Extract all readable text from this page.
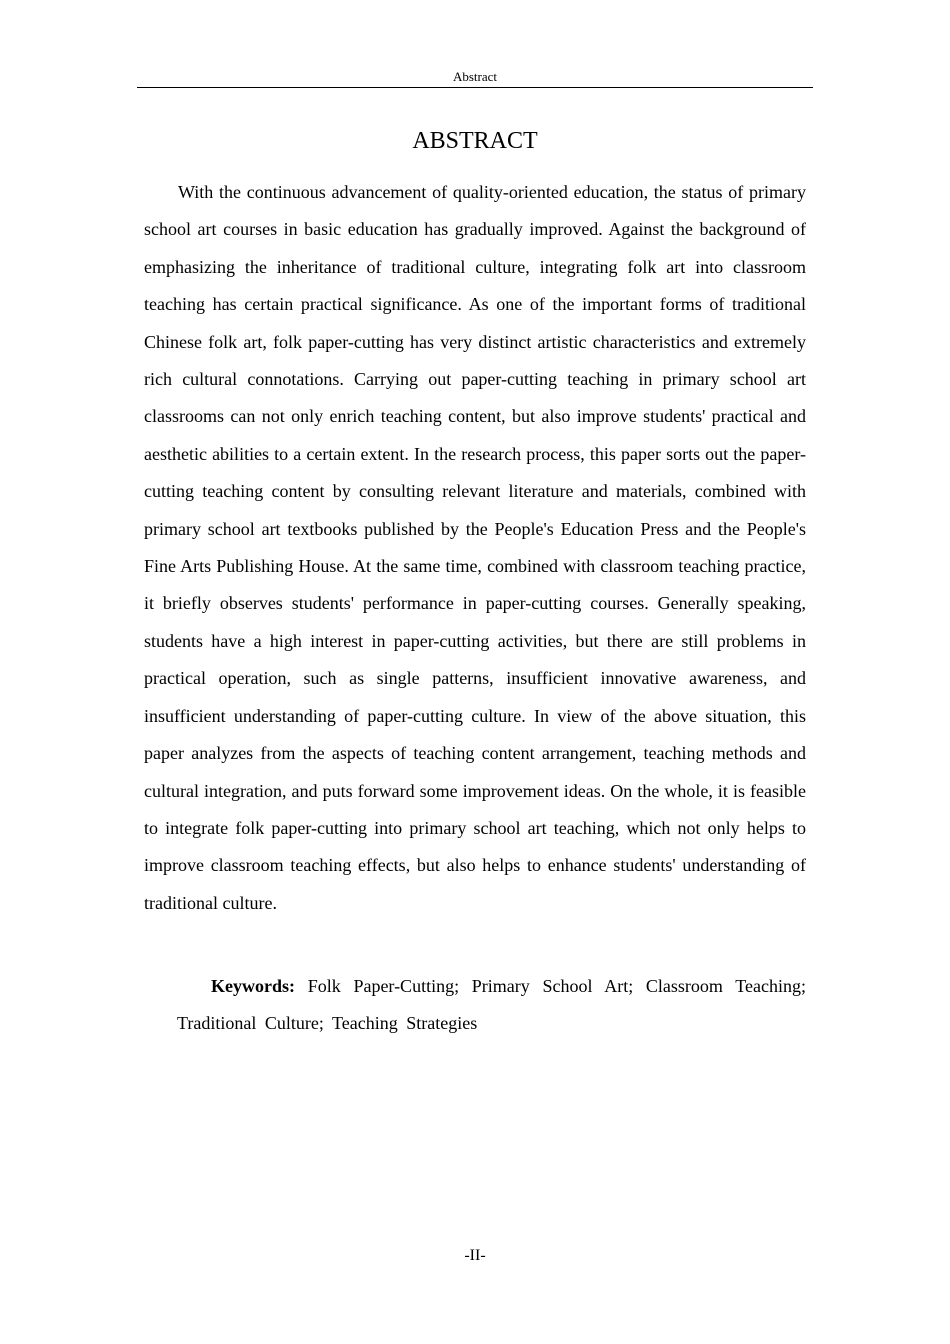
Abstract
ABSTRACT

With the continuous advancement of quality-oriented education, the status of primary school art courses in basic education has gradually improved. Against the background of emphasizing the inheritance of traditional culture, integrating folk art into classroom teaching has certain practical significance. As one of the important forms of traditional Chinese folk art, folk paper-cutting has very distinct artistic characteristics and extremely rich cultural connotations. Carrying out paper-cutting teaching in primary school art classrooms can not only enrich teaching content, but also improve students' practical and aesthetic abilities to a certain extent. In the research process, this paper sorts out the paper-cutting teaching content by consulting relevant literature and materials, combined with primary school art textbooks published by the People's Education Press and the People's Fine Arts Publishing House. At the same time, combined with classroom teaching practice, it briefly observes students' performance in paper-cutting courses. Generally speaking, students have a high interest in paper-cutting activities, but there are still problems in practical operation, such as single patterns, insufficient innovative awareness, and insufficient understanding of paper-cutting culture. In view of the above situation, this paper analyzes from the aspects of teaching content arrangement, teaching methods and cultural integration, and puts forward some improvement ideas. On the whole, it is feasible to integrate folk paper-cutting into primary school art teaching, which not only helps to improve classroom teaching effects, but also helps to enhance students' understanding of traditional culture.

Keywords: Folk Paper-Cutting; Primary School Art; Classroom Teaching; Traditional Culture; Teaching Strategies

-II-
